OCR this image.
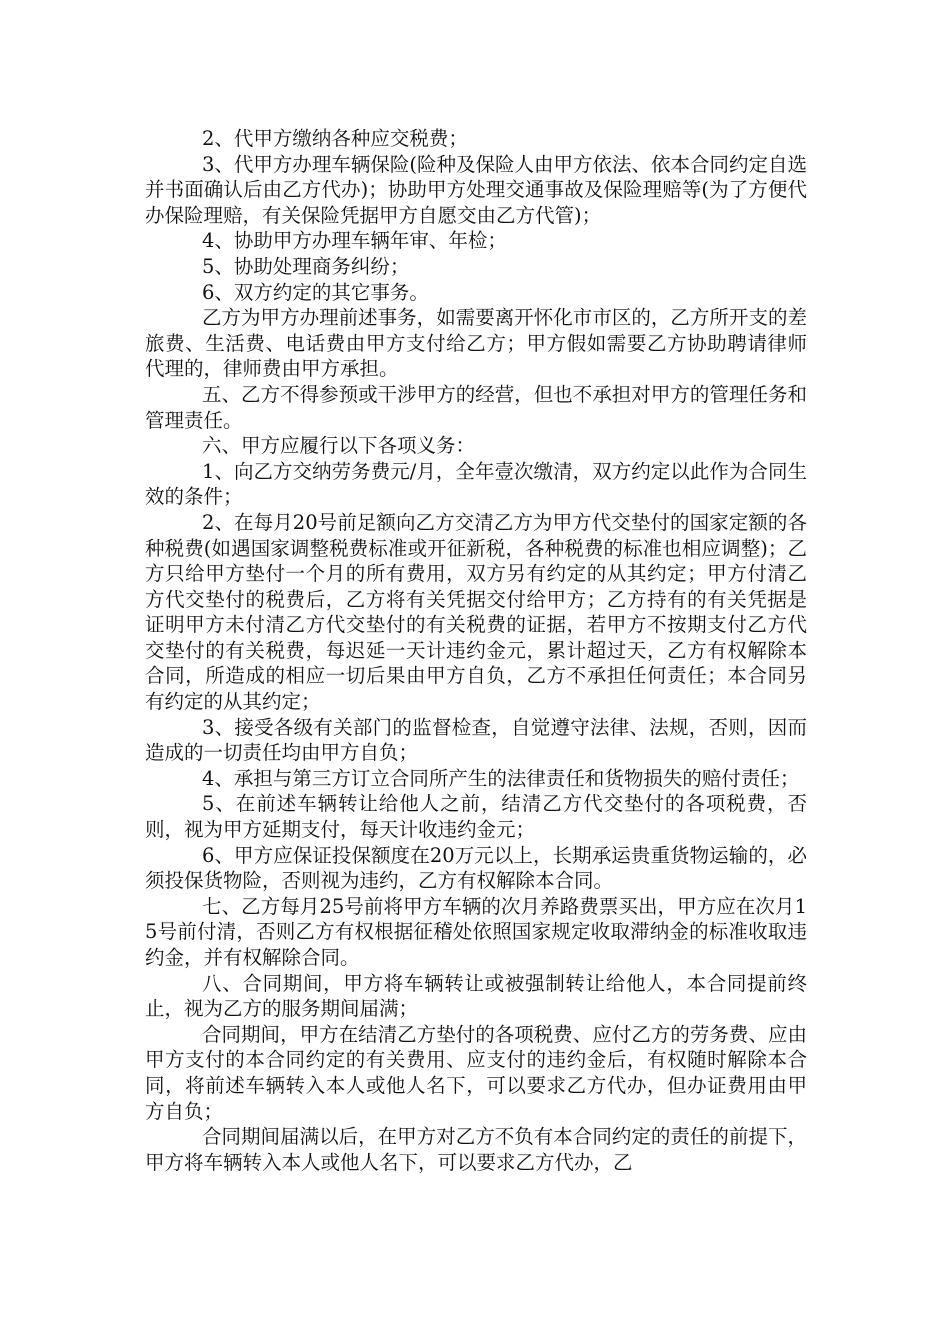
2、代甲方缴纳各种应交税费；

3、代甲方办理车辆保险(险种及保险人由甲方依法、依本合同约定自选并书面确认后由乙方代办)；协助甲方处理交通事故及保险理赔等(为了方便代办保险理赔，有关保险凭据甲方自愿交由乙方代管)；

4、协助甲方办理车辆年审、年检；

5、协助处理商务纠纷；

6、双方约定的其它事务。

乙方为甲方办理前述事务，如需要离开怀化市市区的，乙方所开支的差旅费、生活费、电话费由甲方支付给乙方；甲方假如需要乙方协助聘请律师代理的，律师费由甲方承担。

五、乙方不得参预或干涉甲方的经营，但也不承担对甲方的管理任务和管理责任。

六、甲方应履行以下各项义务：

1、向乙方交纳劳务费元/月，全年壹次缴清，双方约定以此作为合同生效的条件；

2、在每月20号前足额向乙方交清乙方为甲方代交垫付的国家定额的各种税费(如遇国家调整税费标准或开征新税，各种税费的标准也相应调整)；乙方只给甲方垫付一个月的所有费用，双方另有约定的从其约定；甲方付清乙方代交垫付的税费后，乙方将有关凭据交付给甲方；乙方持有的有关凭据是证明甲方未付清乙方代交垫付的有关税费的证据，若甲方不按期支付乙方代交垫付的有关税费，每迟延一天计违约金元，累计超过天，乙方有权解除本合同，所造成的相应一切后果由甲方自负，乙方不承担任何责任；本合同另有约定的从其约定；

3、接受各级有关部门的监督检查，自觉遵守法律、法规，否则，因而造成的一切责任均由甲方自负；

4、承担与第三方订立合同所产生的法律责任和货物损失的赔付责任；

5、在前述车辆转让给他人之前，结清乙方代交垫付的各项税费，否则，视为甲方延期支付，每天计收违约金元；

6、甲方应保证投保额度在20万元以上，长期承运贵重货物运输的，必须投保货物险，否则视为违约，乙方有权解除本合同。

七、乙方每月25号前将甲方车辆的次月养路费票买出，甲方应在次月15号前付清，否则乙方有权根据征稽处依照国家规定收取滞纳金的标准收取违约金，并有权解除合同。

八、合同期间，甲方将车辆转让或被强制转让给他人，本合同提前终止，视为乙方的服务期间届满；

合同期间，甲方在结清乙方垫付的各项税费、应付乙方的劳务费、应由甲方支付的本合同约定的有关费用、应支付的违约金后，有权随时解除本合同，将前述车辆转入本人或他人名下，可以要求乙方代办，但办证费用由甲方自负；

合同期间届满以后，在甲方对乙方不负有本合同约定的责任的前提下，甲方将车辆转入本人或他人名下，可以要求乙方代办，乙
